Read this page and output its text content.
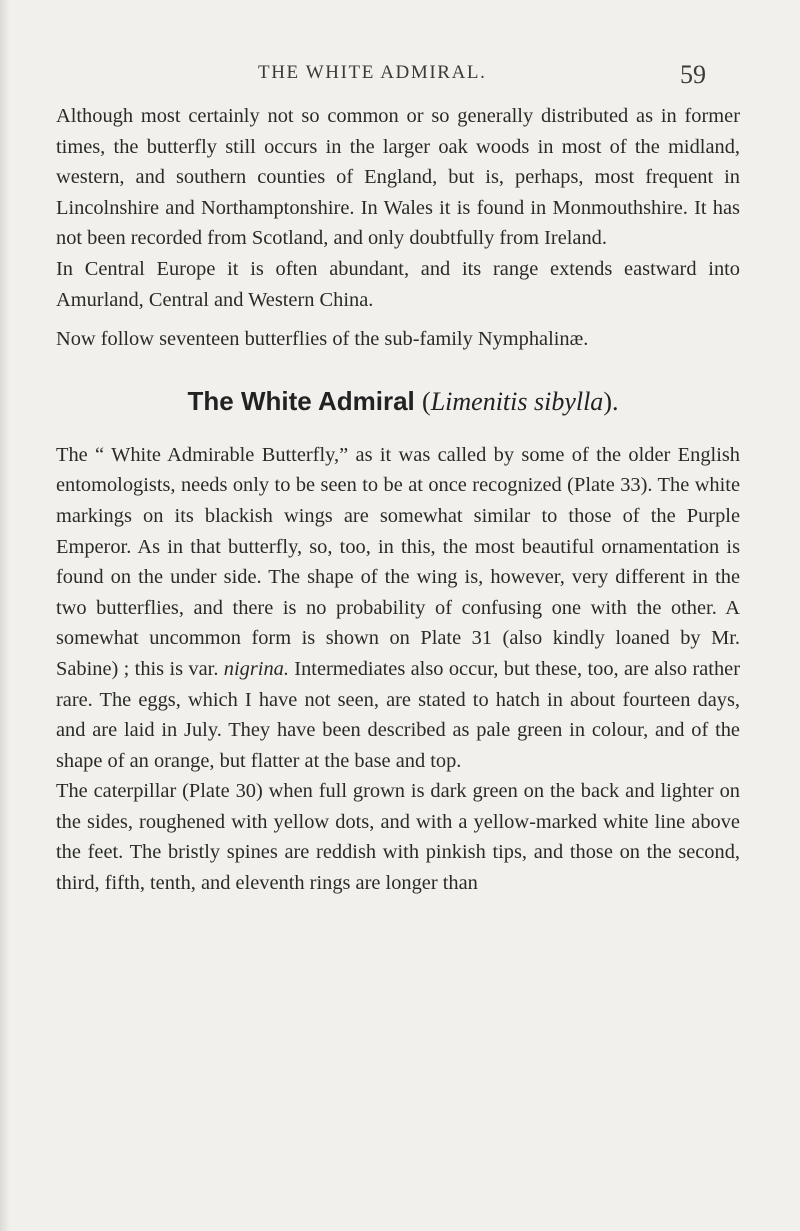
THE WHITE ADMIRAL.	59

Although most certainly not so common or so generally distributed as in former times, the butterfly still occurs in the larger oak woods in most of the midland, western, and southern counties of England, but is, perhaps, most frequent in Lincolnshire and Northamptonshire. In Wales it is found in Monmouthshire. It has not been recorded from Scotland, and only doubtfully from Ireland.

In Central Europe it is often abundant, and its range extends eastward into Amurland, Central and Western China.

Now follow seventeen butterflies of the sub-family Nymphalinæ.

The White Admiral (Limenitis sibylla).

The “ White Admirable Butterfly,” as it was called by some of the older English entomologists, needs only to be seen to be at once recognized (Plate 33). The white markings on its blackish wings are somewhat similar to those of the Purple Emperor. As in that butterfly, so, too, in this, the most beautiful ornamentation is found on the under side. The shape of the wing is, however, very different in the two butterflies, and there is no probability of confusing one with the other. A somewhat uncommon form is shown on Plate 31 (also kindly loaned by Mr. Sabine) ; this is var. nigrina. Intermediates also occur, but these, too, are also rather rare. The eggs, which I have not seen, are stated to hatch in about fourteen days, and are laid in July. They have been described as pale green in colour, and of the shape of an orange, but flatter at the base and top.

The caterpillar (Plate 30) when full grown is dark green on the back and lighter on the sides, roughened with yellow dots, and with a yellow-marked white line above the feet. The bristly spines are reddish with pinkish tips, and those on the second, third, fifth, tenth, and eleventh rings are longer than
